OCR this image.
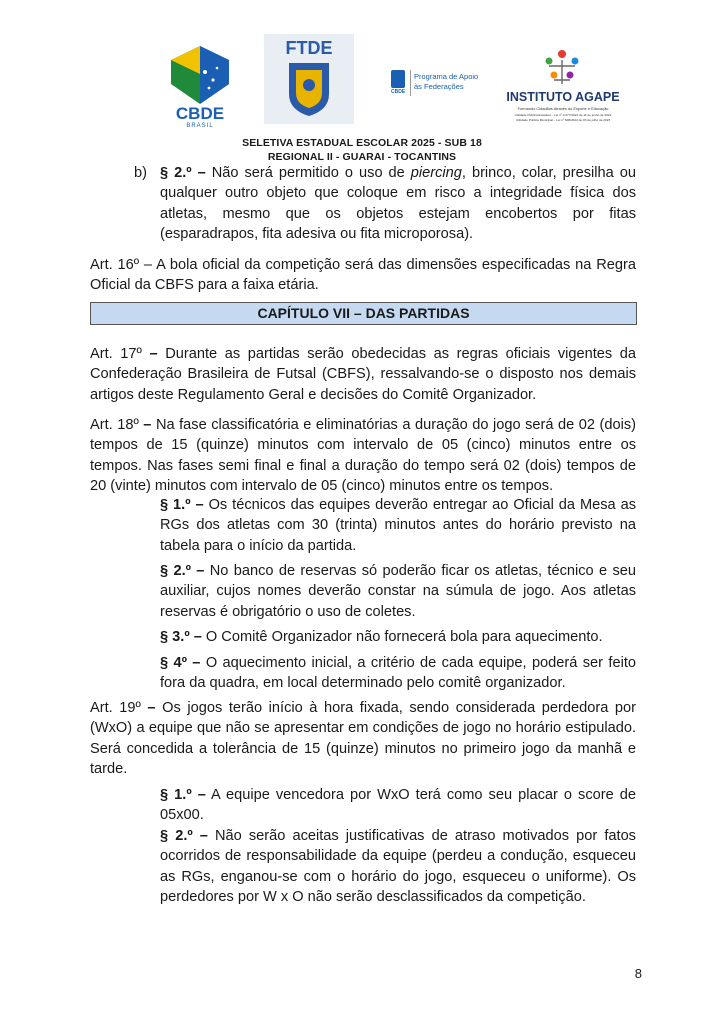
CBDE
BRASIL
FTDE
CBDE
Programa de Apoio
às Federações
INSTITUTO AGAPE
Formando Cidadãos Através do Esporte e Educação
Utilidade Pública Estadual – Lei nº 4.077/2024 de 11 de junho de 2024
Utilidade Pública Municipal – Lei nº 608/2022 de 03 de julho de 2023
SELETIVA ESTADUAL ESCOLAR 2025 - SUB 18
REGIONAL II - GUARAI - TOCANTINS
b) § 2.º – Não será permitido o uso de piercing, brinco, colar, presilha ou qualquer outro objeto que coloque em risco a integridade física dos atletas, mesmo que os objetos estejam encobertos por fitas (esparadrapos, fita adesiva ou fita microporosa).

Art. 16º – A bola oficial da competição será das dimensões especificadas na Regra Oficial da CBFS para a faixa etária.

CAPÍTULO VII – DAS PARTIDAS

Art. 17º – Durante as partidas serão obedecidas as regras oficiais vigentes da Confederação Brasileira de Futsal (CBFS), ressalvando-se o disposto nos demais artigos deste Regulamento Geral e decisões do Comitê Organizador.

Art. 18º – Na fase classificatória e eliminatórias a duração do jogo será de 02 (dois) tempos de 15 (quinze) minutos com intervalo de 05 (cinco) minutos entre os tempos. Nas fases semi final e final a duração do tempo será 02 (dois) tempos de 20 (vinte) minutos com intervalo de 05 (cinco) minutos entre os tempos.

§ 1.º – Os técnicos das equipes deverão entregar ao Oficial da Mesa as RGs dos atletas com 30 (trinta) minutos antes do horário previsto na tabela para o início da partida.

§ 2.º – No banco de reservas só poderão ficar os atletas, técnico e seu auxiliar, cujos nomes deverão constar na súmula de jogo. Aos atletas reservas é obrigatório o uso de coletes.

§ 3.º – O Comitê Organizador não fornecerá bola para aquecimento.

§ 4º – O aquecimento inicial, a critério de cada equipe, poderá ser feito fora da quadra, em local determinado pelo comitê organizador.

Art. 19º – Os jogos terão início à hora fixada, sendo considerada perdedora por (WxO) a equipe que não se apresentar em condições de jogo no horário estipulado. Será concedida a tolerância de 15 (quinze) minutos no primeiro jogo da manhã e tarde.

§ 1.º – A equipe vencedora por WxO terá como seu placar o score de 05x00.

§ 2.º – Não serão aceitas justificativas de atraso motivados por fatos ocorridos de responsabilidade da equipe (perdeu a condução, esqueceu as RGs, enganou-se com o horário do jogo, esqueceu o uniforme). Os perdedores por W x O não serão desclassificados da competição.

8
